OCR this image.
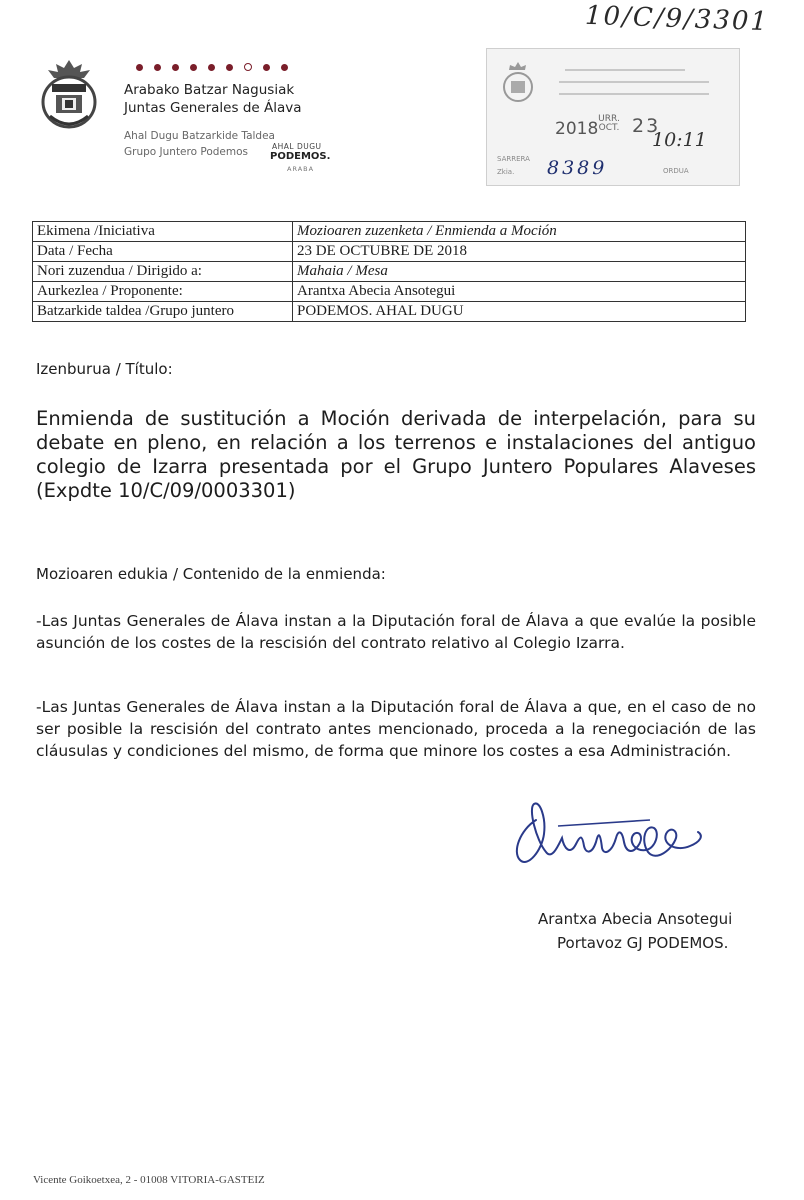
10/C/9/3301
Arabako Batzar Nagusiak
Juntas Generales de Álava
Ahal Dugu Batzarkide Taldea
Grupo Juntero Podemos	AHAL DUGU
PODEMOS.
ARABA
2018 URR. OCT. 23
10:11
SARRERA
Zkia. 8389	ORDUA
Ekimena /Iniciativa	Mozioaren zuzenketa / Enmienda a Moción
Data / Fecha	23 DE OCTUBRE DE 2018
Nori zuzendua / Dirigido a:	Mahaia / Mesa
Aurkezlea / Proponente:	Arantxa Abecia Ansotegui
Batzarkide taldea /Grupo juntero	PODEMOS. AHAL DUGU
Izenburua / Título:
Enmienda de sustitución a Moción derivada de interpelación, para su debate en pleno, en relación a los terrenos e instalaciones del antiguo colegio de Izarra presentada por el Grupo Juntero Populares Alaveses (Expdte 10/C/09/0003301)
Mozioaren edukia / Contenido de la enmienda:
-Las Juntas Generales de Álava instan a la Diputación foral de Álava a que evalúe la posible asunción de los costes de la rescisión del contrato relativo al Colegio Izarra.
-Las Juntas Generales de Álava instan a la Diputación foral de Álava a que, en el caso de no ser posible la rescisión del contrato antes mencionado, proceda a la renegociación de las cláusulas y condiciones del mismo, de forma que minore los costes a esa Administración.
Arantxa Abecia Ansotegui
Portavoz GJ PODEMOS.
Vicente Goikoetxea, 2 - 01008 VITORIA-GASTEIZ
